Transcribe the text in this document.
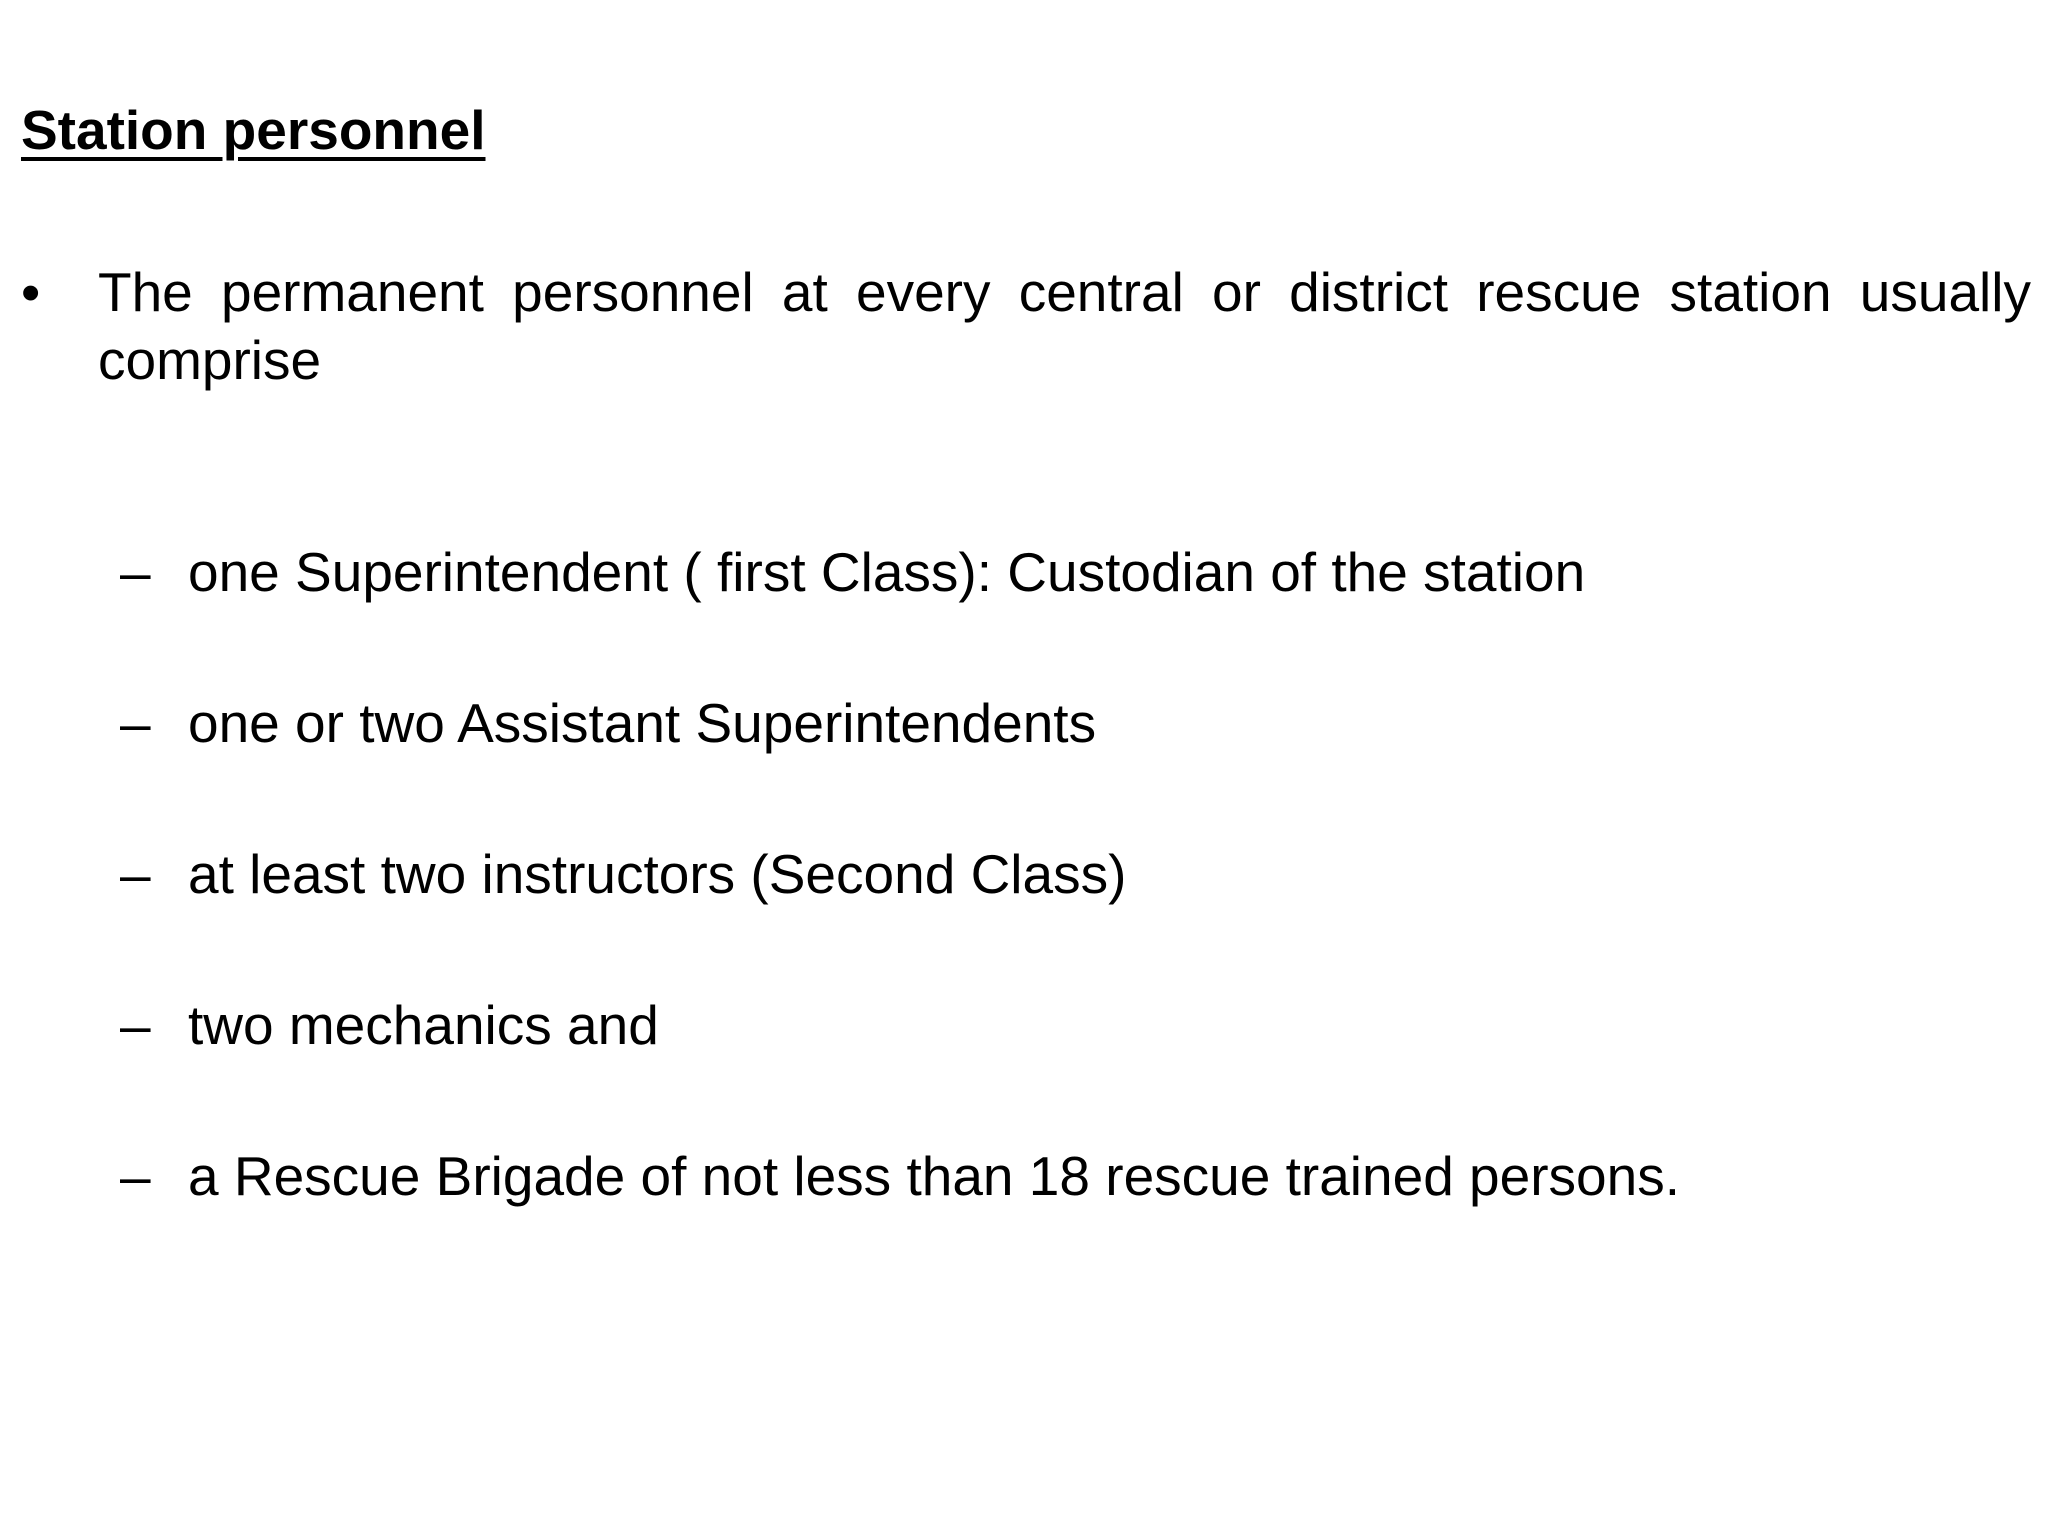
Station personnel
• The permanent personnel at every central or district rescue station usually comprise

– one Superintendent ( first Class): Custodian of the station
– one or two Assistant Superintendents
– at least two instructors (Second Class)
– two mechanics and
– a Rescue Brigade of not less than 18 rescue trained persons.
